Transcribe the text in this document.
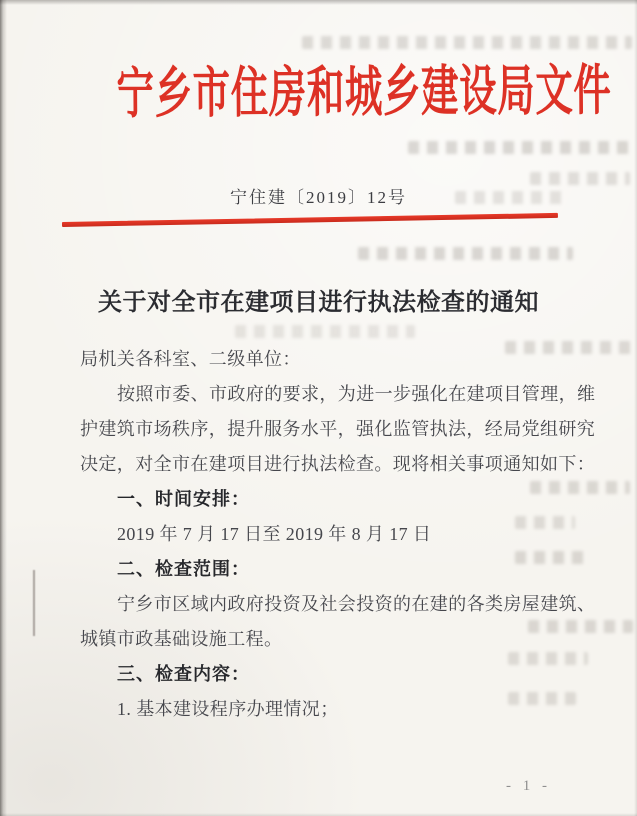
宁乡市住房和城乡建设局文件
宁住建〔2019〕12号
关于对全市在建项目进行执法检查的通知
局机关各科室、二级单位：
按照市委、市政府的要求，为进一步强化在建项目管理，维
护建筑市场秩序，提升服务水平，强化监管执法，经局党组研究
决定，对全市在建项目进行执法检查。现将相关事项通知如下：
一、时间安排：
2019 年 7 月 17 日至 2019 年 8 月 17 日
二、检查范围：
宁乡市区域内政府投资及社会投资的在建的各类房屋建筑、
城镇市政基础设施工程。
三、检查内容：
1. 基本建设程序办理情况；
- 1 -
